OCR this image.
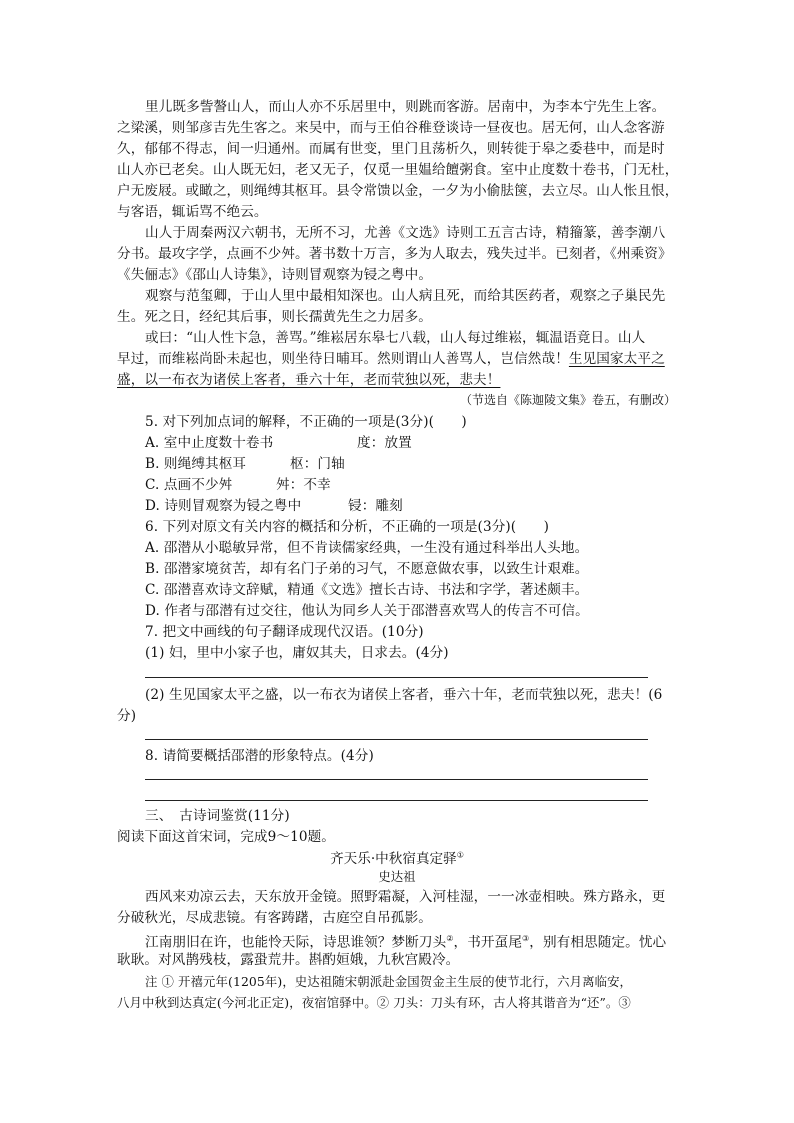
里儿既多訾謷山人，而山人亦不乐居里中，则跳而客游。居南中，为李本宁先生上客。
之梁溪，则邹彦吉先生客之。来吴中，而与王伯谷稚登谈诗一昼夜也。居无何，山人念客游
久，郁郁不得志，间一归通州。而属有世变，里门且荡析久，则转徙于皋之委巷中，而是时
山人亦已老矣。山人既无妇，老又无子，仅觅一里媪给饘粥食。室中止度数十卷书，门无杜，
户无废屐。或瞰之，则绳缚其枢耳。县令常馈以金，一夕为小偷胠箧，去立尽。山人怅且恨，
与客语，辄诟骂不绝云。
山人于周秦两汉六朝书，无所不习，尤善《文选》诗则工五言古诗，精籀篆，善李潮八
分书。最攻字学，点画不少舛。著书数十万言，多为人取去，残失过半。已刻者，《州乘资》
《失俪志》《邵山人诗集》，诗则冒观察为锓之粤中。
观察与范玺卿，于山人里中最相知深也。山人病且死，而给其医药者，观察之子巢民先
生。死之日，经纪其后事，则长孺黄先生之力居多。
或曰：“山人性卞急，善骂。”维崧居东皋七八载，山人每过维崧，辄温语竟日。山人
早过，而维崧尚卧未起也，则坐待日晡耳。然则谓山人善骂人，岂信然哉！生见国家太平之
盛，以一布衣为诸侯上客者，垂六十年，老而茕独以死，悲夫！
（节选自《陈迦陵文集》卷五，有删改）
5. 对下列加点词的解释，不正确的一项是(3分)(　　)
A. 室中止度数十卷书	度：放置
B. 则绳缚其枢耳	枢：门轴
C. 点画不少舛	舛：不幸
D. 诗则冒观察为锓之粤中	锓：雕刻
6. 下列对原文有关内容的概括和分析，不正确的一项是(3分)(　　)
A. 邵潜从小聪敏异常，但不肯读儒家经典，一生没有通过科举出人头地。
B. 邵潜家境贫苦，却有名门子弟的习气，不愿意做农事，以致生计艰难。
C. 邵潜喜欢诗文辞赋，精通《文选》擅长古诗、书法和字学，著述颇丰。
D. 作者与邵潜有过交往，他认为同乡人关于邵潜喜欢骂人的传言不可信。
7. 把文中画线的句子翻译成现代汉语。(10分)
(1) 妇，里中小家子也，庸奴其夫，日求去。(4分)
(2) 生见国家太平之盛，以一布衣为诸侯上客者，垂六十年，老而茕独以死，悲夫！(6
分)
8. 请简要概括邵潜的形象特点。(4分)
三、　古诗词鉴赏(11分)
阅读下面这首宋词，完成9～10题。
齐天乐·中秋宿真定驿①
史达祖
西风来劝凉云去，天东放开金镜。照野霜凝，入河桂湿，一一冰壶相映。殊方路永，更
分破秋光，尽成悲镜。有客踌躇，古庭空自吊孤影。
江南朋旧在许，也能怜天际，诗思谁领？梦断刀头②，书开虿尾③，别有相思随定。忧心
耿耿。对风鹊残枝，露蛩荒井。斟酌姮娥，九秋宫殿冷。
注 ① 开禧元年(1205年)，史达祖随宋朝派赴金国贺金主生辰的使节北行，六月离临安，
八月中秋到达真定(今河北正定)，夜宿馆驿中。② 刀头：刀头有环，古人将其谐音为“还”。③
